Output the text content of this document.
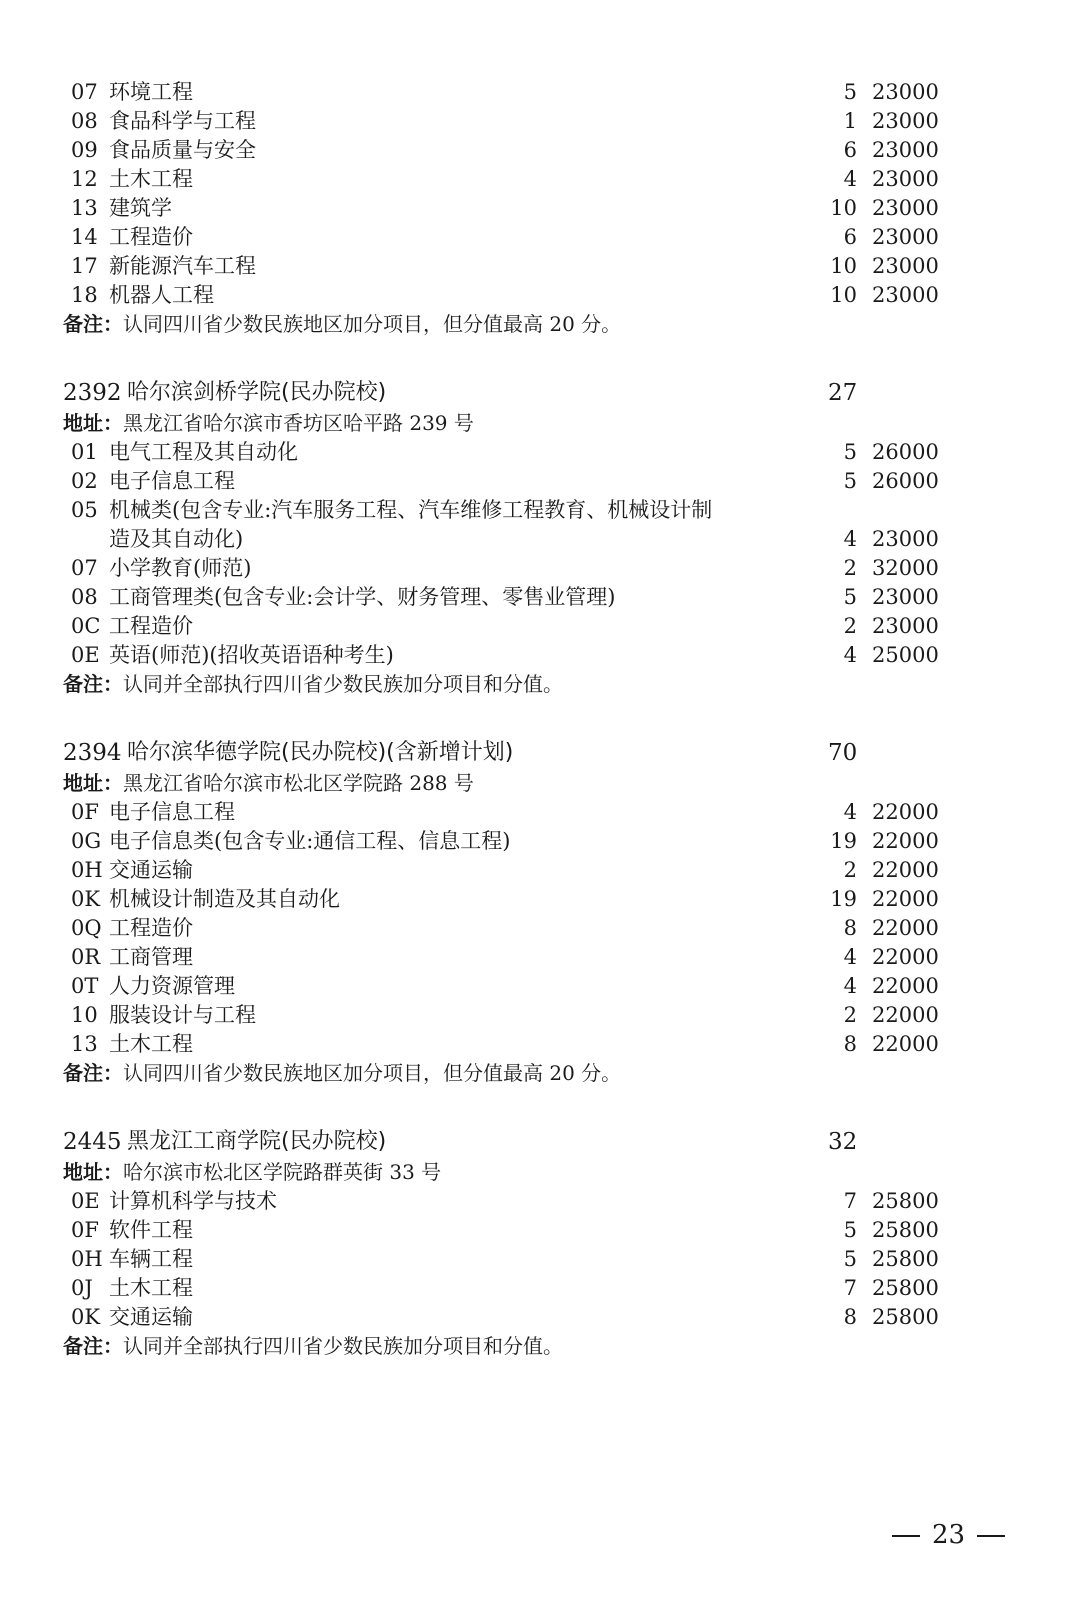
07 环境工程	5 23000
08 食品科学与工程	1 23000
09 食品质量与安全	6 23000
12 土木工程	4 23000
13 建筑学	10 23000
14 工程造价	6 23000
17 新能源汽车工程	10 23000
18 机器人工程	10 23000
备注：认同四川省少数民族地区加分项目，但分值最高 20 分。
2392 哈尔滨剑桥学院(民办院校)	27
地址：黑龙江省哈尔滨市香坊区哈平路 239 号
01 电气工程及其自动化	5 26000
02 电子信息工程	5 26000
05 机械类(包含专业:汽车服务工程、汽车维修工程教育、机械设计制
造及其自动化)	4 23000
07 小学教育(师范)	2 32000
08 工商管理类(包含专业:会计学、财务管理、零售业管理)	5 23000
0C 工程造价	2 23000
0E 英语(师范)(招收英语语种考生)	4 25000
备注：认同并全部执行四川省少数民族加分项目和分值。
2394 哈尔滨华德学院(民办院校)(含新增计划)	70
地址：黑龙江省哈尔滨市松北区学院路 288 号
0F 电子信息工程	4 22000
0G 电子信息类(包含专业:通信工程、信息工程)	19 22000
0H 交通运输	2 22000
0K 机械设计制造及其自动化	19 22000
0Q 工程造价	8 22000
0R 工商管理	4 22000
0T 人力资源管理	4 22000
10 服装设计与工程	2 22000
13 土木工程	8 22000
备注：认同四川省少数民族地区加分项目，但分值最高 20 分。
2445 黑龙江工商学院(民办院校)	32
地址：哈尔滨市松北区学院路群英街 33 号
0E 计算机科学与技术	7 25800
0F 软件工程	5 25800
0H 车辆工程	5 25800
0J 土木工程	7 25800
0K 交通运输	8 25800
备注：认同并全部执行四川省少数民族加分项目和分值。
23
